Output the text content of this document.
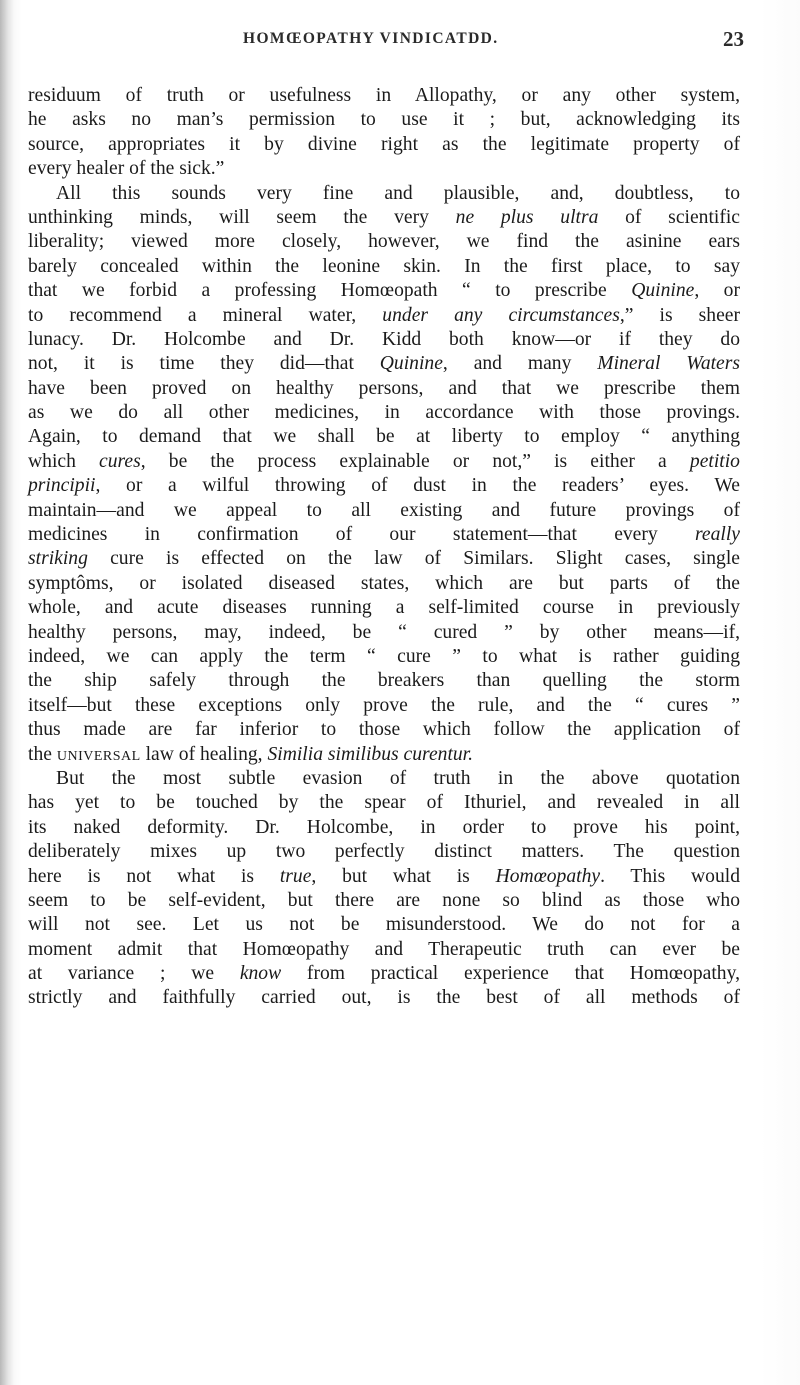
HOMŒOPATHY VINDICATDD.	23
residuum of truth or usefulness in Allopathy, or any other system,
he asks no man’s permission to use it ; but, acknowledging its
source, appropriates it by divine right as the legitimate property of
every healer of the sick.”
All this sounds very fine and plausible, and, doubtless, to
unthinking minds, will seem the very ne plus ultra of scientific
liberality; viewed more closely, however, we find the asinine ears
barely concealed within the leonine skin. In the first place, to say
that we forbid a professing Homœopath “ to prescribe Quinine, or
to recommend a mineral water, under any circumstances,” is sheer
lunacy. Dr. Holcombe and Dr. Kidd both know—or if they do
not, it is time they did—that Quinine, and many Mineral Waters
have been proved on healthy persons, and that we prescribe them
as we do all other medicines, in accordance with those provings.
Again, to demand that we shall be at liberty to employ “ anything
which cures, be the process explainable or not,” is either a petitio
principii, or a wilful throwing of dust in the readers’ eyes. We
maintain—and we appeal to all existing and future provings of
medicines in confirmation of our statement—that every really
striking cure is effected on the law of Similars. Slight cases, single
symptôms, or isolated diseased states, which are but parts of the
whole, and acute diseases running a self-limited course in previously
healthy persons, may, indeed, be “ cured ” by other means—if,
indeed, we can apply the term “ cure ” to what is rather guiding
the ship safely through the breakers than quelling the storm
itself—but these exceptions only prove the rule, and the “ cures ”
thus made are far inferior to those which follow the application of
the universal law of healing, Similia similibus curentur.
But the most subtle evasion of truth in the above quotation
has yet to be touched by the spear of Ithuriel, and revealed in all
its naked deformity. Dr. Holcombe, in order to prove his point,
deliberately mixes up two perfectly distinct matters. The question
here is not what is true, but what is Homœopathy. This would
seem to be self-evident, but there are none so blind as those who
will not see. Let us not be misunderstood. We do not for a
moment admit that Homœopathy and Therapeutic truth can ever be
at variance ; we know from practical experience that Homœopathy,
strictly and faithfully carried out, is the best of all methods of
